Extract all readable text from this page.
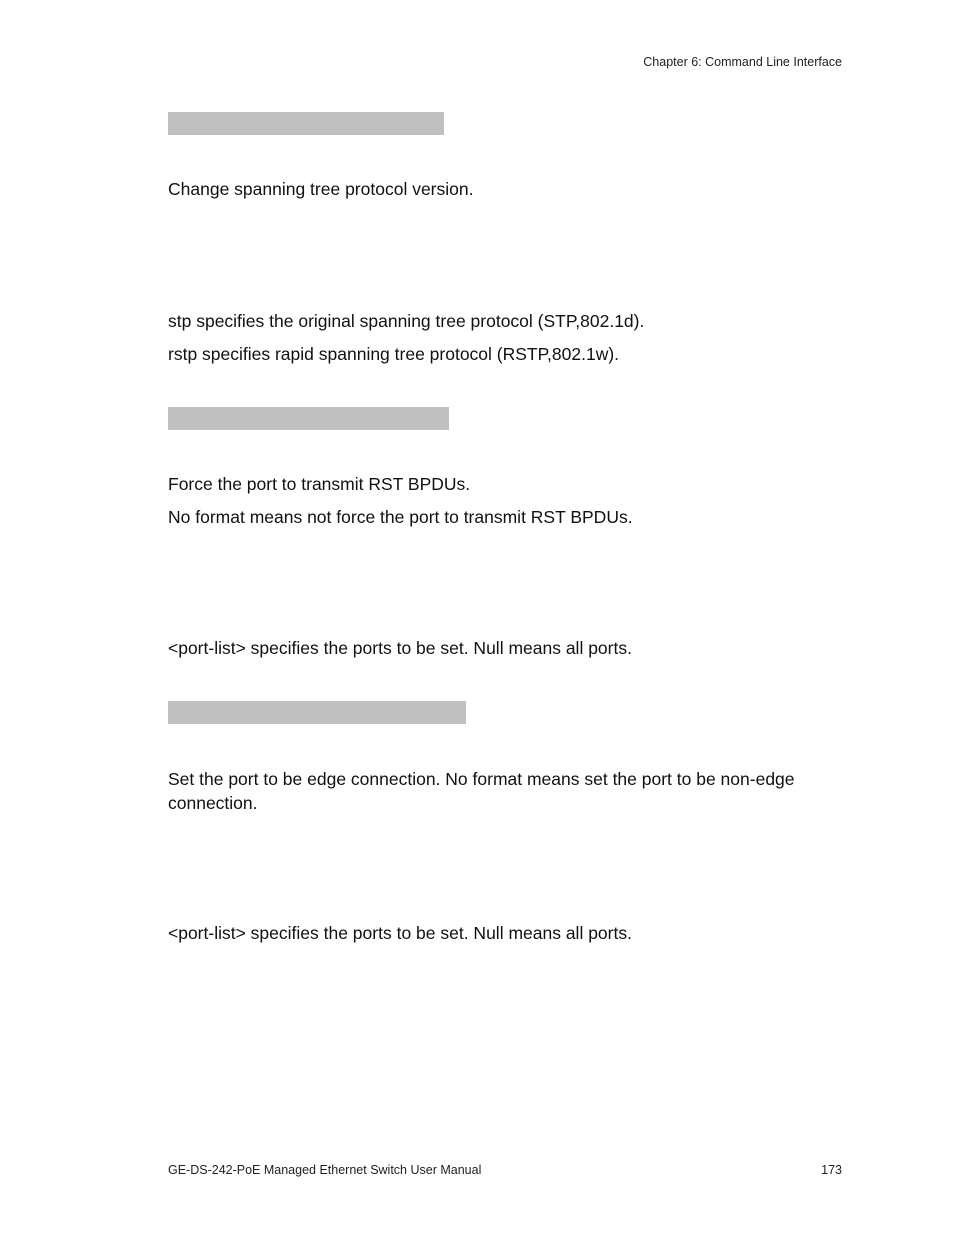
Chapter 6: Command Line Interface
Change spanning tree protocol version.
stp specifies the original spanning tree protocol (STP,802.1d).
rstp specifies rapid spanning tree protocol (RSTP,802.1w).
Force the port to transmit RST BPDUs.
No format means not force the port to transmit RST BPDUs.
<port-list> specifies the ports to be set. Null means all ports.
Set the port to be edge connection. No format means set the port to be non-edge connection.
<port-list> specifies the ports to be set. Null means all ports.
GE-DS-242-PoE Managed Ethernet Switch User Manual	173
